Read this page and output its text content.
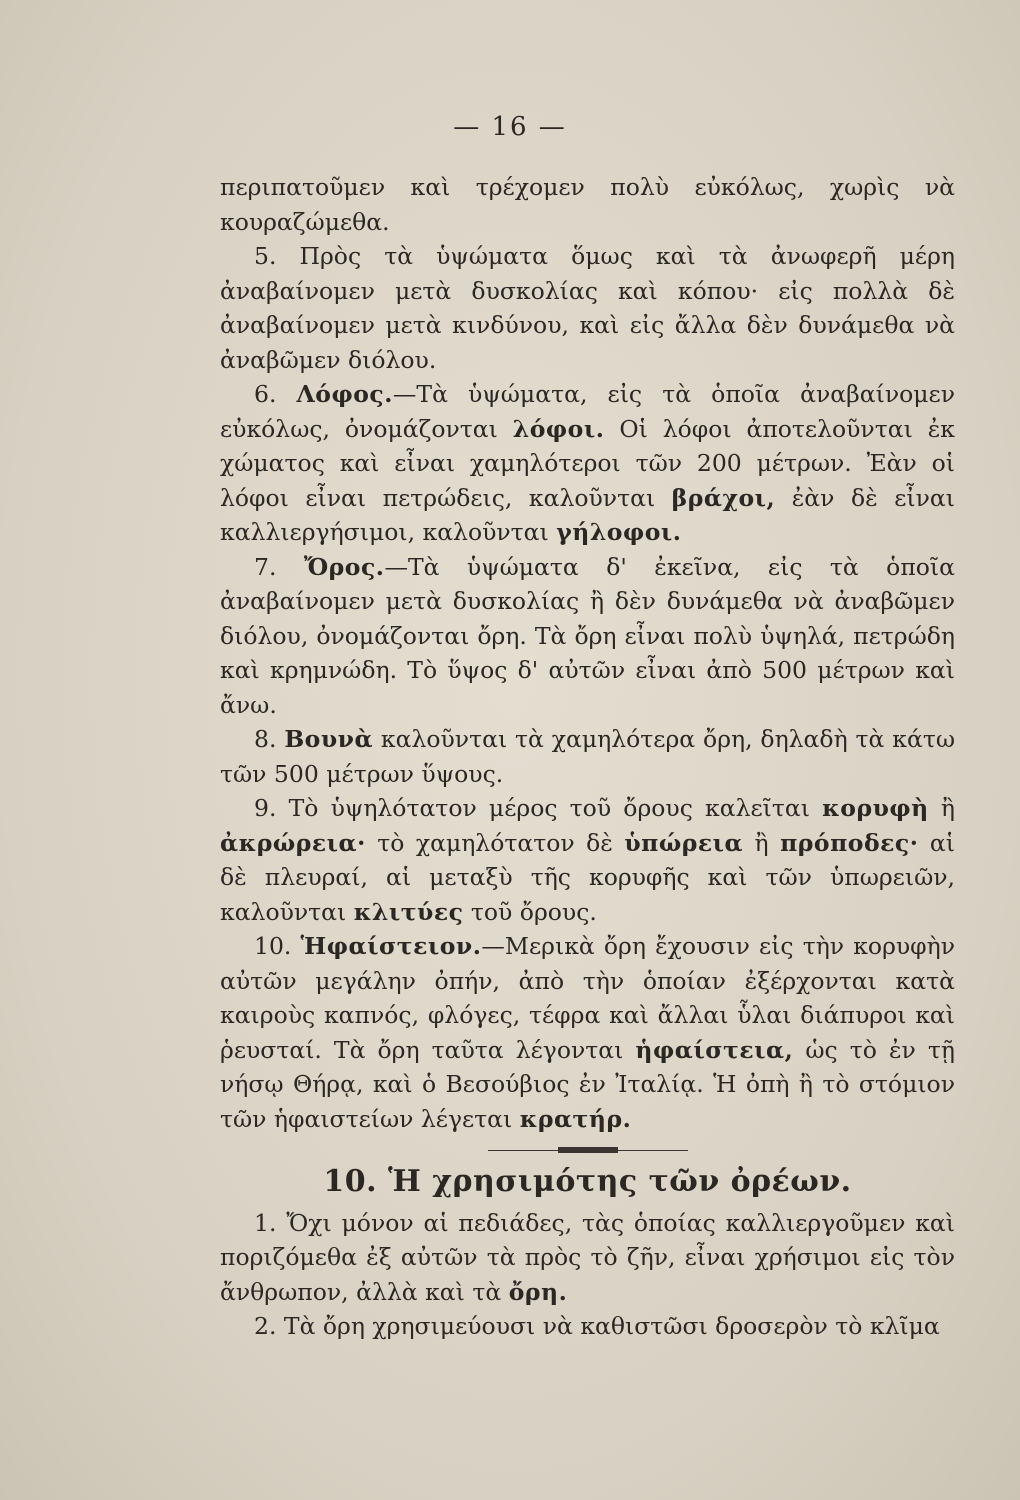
— 16 —

περιπατοῦμεν καὶ τρέχομεν πολὺ εὐκόλως, χωρὶς νὰ κουραζώμεθα.

5. Πρὸς τὰ ὑψώματα ὅμως καὶ τὰ ἀνωφερῆ μέρη ἀναβαίνομεν μετὰ δυσκολίας καὶ κόπου· εἰς πολλὰ δὲ ἀναβαίνομεν μετὰ κινδύνου, καὶ εἰς ἄλλα δὲν δυνάμεθα νὰ ἀναβῶμεν διόλου.

6. Λόφος.—Τὰ ὑψώματα, εἰς τὰ ὁποῖα ἀναβαίνομεν εὐκόλως, ὀνομάζονται λόφοι. Οἱ λόφοι ἀποτελοῦνται ἐκ χώματος καὶ εἶναι χαμηλότεροι τῶν 200 μέτρων. Ἐὰν οἱ λόφοι εἶναι πετρώδεις, καλοῦνται βράχοι, ἐὰν δὲ εἶναι καλλιεργήσιμοι, καλοῦνται γήλοφοι.

7. Ὄρος.—Τὰ ὑψώματα δ' ἐκεῖνα, εἰς τὰ ὁποῖα ἀναβαίνομεν μετὰ δυσκολίας ἢ δὲν δυνάμεθα νὰ ἀναβῶμεν διόλου, ὀνομάζονται ὄρη. Τὰ ὄρη εἶναι πολὺ ὑψηλά, πετρώδη καὶ κρημνώδη. Τὸ ὕψος δ' αὐτῶν εἶναι ἀπὸ 500 μέτρων καὶ ἄνω.

8. Βουνὰ καλοῦνται τὰ χαμηλότερα ὄρη, δηλαδὴ τὰ κάτω τῶν 500 μέτρων ὕψους.

9. Τὸ ὑψηλότατον μέρος τοῦ ὄρους καλεῖται κορυφὴ ἢ ἀκρώρεια· τὸ χαμηλότατον δὲ ὑπώρεια ἢ πρόποδες· αἱ δὲ πλευραί, αἱ μεταξὺ τῆς κορυφῆς καὶ τῶν ὑπωρειῶν, καλοῦνται κλιτύες τοῦ ὄρους.

10. Ἡφαίστειον.—Μερικὰ ὄρη ἔχουσιν εἰς τὴν κορυφὴν αὐτῶν μεγάλην ὀπήν, ἀπὸ τὴν ὁποίαν ἐξέρχονται κατὰ καιροὺς καπνός, φλόγες, τέφρα καὶ ἄλλαι ὗλαι διάπυροι καὶ ῥευσταί. Τὰ ὄρη ταῦτα λέγονται ἡφαίστεια, ὡς τὸ ἐν τῇ νήσῳ Θήρᾳ, καὶ ὁ Βεσούβιος ἐν Ἰταλίᾳ. Ἡ ὀπὴ ἢ τὸ στόμιον τῶν ἡφαιστείων λέγεται κρατήρ.

10. Ἡ χρησιμότης τῶν ὀρέων.

1. Ὄχι μόνον αἱ πεδιάδες, τὰς ὁποίας καλλιεργοῦμεν καὶ ποριζόμεθα ἐξ αὐτῶν τὰ πρὸς τὸ ζῆν, εἶναι χρήσιμοι εἰς τὸν ἄνθρωπον, ἀλλὰ καὶ τὰ ὄρη.

2. Τὰ ὄρη χρησιμεύουσι νὰ καθιστῶσι δροσερὸν τὸ κλῖμα
